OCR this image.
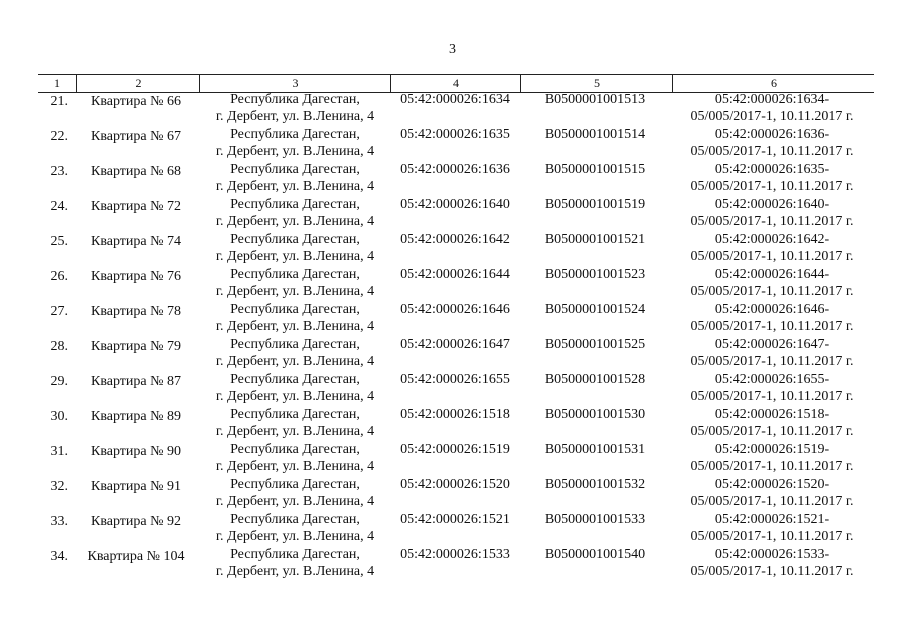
3
1	2	3	4	5	6
21.	Квартира № 66	Республика Дагестан,
г. Дербент, ул. В.Ленина, 4
05:42:000026:1634	В0500001001513	05:42:000026:1634-
05/005/2017-1, 10.11.2017 г.
22.	Квартира № 67	Республика Дагестан,
г. Дербент, ул. В.Ленина, 4
05:42:000026:1635	В0500001001514	05:42:000026:1636-
05/005/2017-1, 10.11.2017 г.
23.	Квартира № 68	Республика Дагестан,
г. Дербент, ул. В.Ленина, 4
05:42:000026:1636	В0500001001515	05:42:000026:1635-
05/005/2017-1, 10.11.2017 г.
24.	Квартира № 72	Республика Дагестан,
г. Дербент, ул. В.Ленина, 4
05:42:000026:1640	В0500001001519	05:42:000026:1640-
05/005/2017-1, 10.11.2017 г.
25.	Квартира № 74	Республика Дагестан,
г. Дербент, ул. В.Ленина, 4
05:42:000026:1642	В0500001001521	05:42:000026:1642-
05/005/2017-1, 10.11.2017 г.
26.	Квартира № 76	Республика Дагестан,
г. Дербент, ул. В.Ленина, 4
05:42:000026:1644	В0500001001523	05:42:000026:1644-
05/005/2017-1, 10.11.2017 г.
27.	Квартира № 78	Республика Дагестан,
г. Дербент, ул. В.Ленина, 4
05:42:000026:1646	В0500001001524	05:42:000026:1646-
05/005/2017-1, 10.11.2017 г.
28.	Квартира № 79	Республика Дагестан,
г. Дербент, ул. В.Ленина, 4
05:42:000026:1647	В0500001001525	05:42:000026:1647-
05/005/2017-1, 10.11.2017 г.
29.	Квартира № 87	Республика Дагестан,
г. Дербент, ул. В.Ленина, 4
05:42:000026:1655	В0500001001528	05:42:000026:1655-
05/005/2017-1, 10.11.2017 г.
30.	Квартира № 89	Республика Дагестан,
г. Дербент, ул. В.Ленина, 4
05:42:000026:1518	В0500001001530	05:42:000026:1518-
05/005/2017-1, 10.11.2017 г.
31.	Квартира № 90	Республика Дагестан,
г. Дербент, ул. В.Ленина, 4
05:42:000026:1519	В0500001001531	05:42:000026:1519-
05/005/2017-1, 10.11.2017 г.
32.	Квартира № 91	Республика Дагестан,
г. Дербент, ул. В.Ленина, 4
05:42:000026:1520	В0500001001532	05:42:000026:1520-
05/005/2017-1, 10.11.2017 г.
33.	Квартира № 92	Республика Дагестан,
г. Дербент, ул. В.Ленина, 4
05:42:000026:1521	В0500001001533	05:42:000026:1521-
05/005/2017-1, 10.11.2017 г.
34.	Квартира № 104	Республика Дагестан,
г. Дербент, ул. В.Ленина, 4
05:42:000026:1533	В0500001001540	05:42:000026:1533-
05/005/2017-1, 10.11.2017 г.
